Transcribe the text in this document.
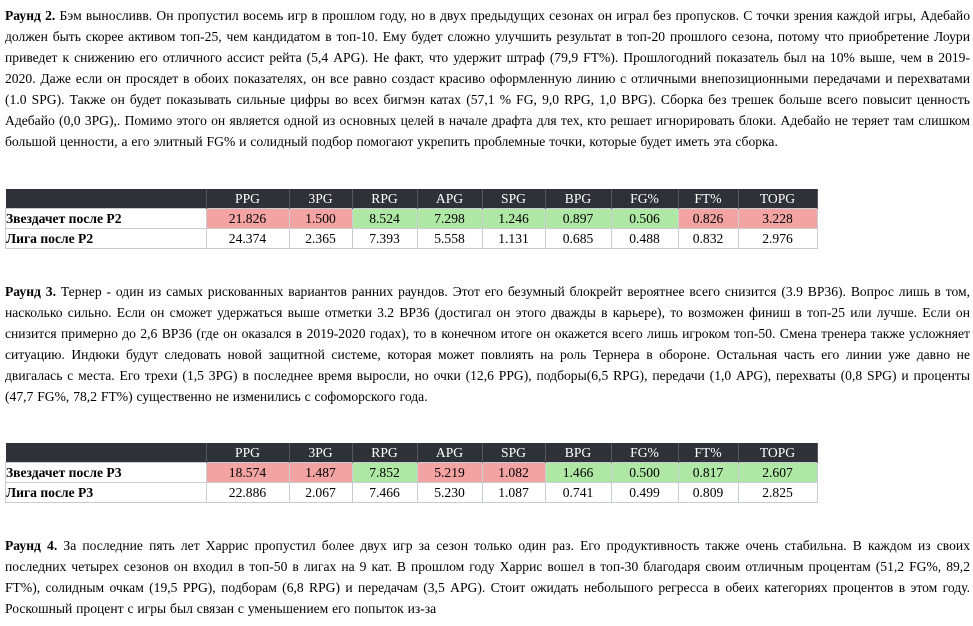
Раунд 2. Бэм выносливв. Он пропустил восемь игр в прошлом году, но в двух предыдущих сезонах он играл без пропусков. С точки зрения каждой игры, Адебайо должен быть скорее активом топ-25, чем кандидатом в топ-10. Ему будет сложно улучшить результат в топ-20 прошлого сезона, потому что приобретение Лоури приведет к снижению его отличного ассист рейта (5,4 APG). Не факт, что удержит штраф (79,9 FT%). Прошлогодний показатель был на 10% выше, чем в 2019-2020. Даже если он просядет в обоих показателях, он все равно создаст красиво оформленную линию с отличными внепозиционными передачами и перехватами (1.0 SPG). Также он будет показывать сильные цифры во всех бигмэн катах (57,1 % FG, 9,0 RPG, 1,0 BPG). Сборка без трешек больше всего повысит ценность Адебайо (0,0 3PG),. Помимо этого он является одной из основных целей в начале драфта для тех, кто решает игнорировать блоки. Адебайо не теряет там слишком большой ценности, а его элитный FG% и солидный подбор помогают укрепить проблемные точки, которые будет иметь эта сборка.
	PPG	3PG	RPG	APG	SPG	BPG	FG%	FT%	TOPG
Звездачет после Р2	21.826	1.500	8.524	7.298	1.246	0.897	0.506	0.826	3.228
Лига после Р2	24.374	2.365	7.393	5.558	1.131	0.685	0.488	0.832	2.976
Раунд 3. Тернер - один из самых рискованных вариантов ранних раундов. Этот его безумный блокрейт вероятнее всего снизится (3.9 BP36). Вопрос лишь в том, насколько сильно. Если он сможет удержаться выше отметки 3.2 BP36 (достигал он этого дважды в карьере), то возможен финиш в топ-25 или лучше. Если он снизится примерно до 2,6 BP36 (где он оказался в 2019-2020 годах), то в конечном итоге он окажется всего лишь игроком топ-50. Смена тренера также усложняет ситуацию. Индюки будут следовать новой защитной системе, которая может повлиять на роль Тернера в обороне. Остальная часть его линии уже давно не двигалась с места. Его трехи (1,5 3PG) в последнее время выросли, но очки (12,6 PPG), подборы(6,5 RPG), передачи (1,0 APG), перехваты (0,8 SPG) и проценты (47,7 FG%, 78,2 FT%) существенно не изменились с софоморского года.
	PPG	3PG	RPG	APG	SPG	BPG	FG%	FT%	TOPG
Звездачет после Р3	18.574	1.487	7.852	5.219	1.082	1.466	0.500	0.817	2.607
Лига после Р3	22.886	2.067	7.466	5.230	1.087	0.741	0.499	0.809	2.825
Раунд 4. За последние пять лет Харрис пропустил более двух игр за сезон только один раз. Его продуктивность также очень стабильна. В каждом из своих последних четырех сезонов он входил в топ-50 в лигах на 9 кат. В прошлом году Харрис вошел в топ-30 благодаря своим отличным процентам (51,2 FG%, 89,2 FT%), солидным очкам (19,5 PPG), подборам (6,8 RPG) и передачам (3,5 APG). Стоит ожидать небольшого регресса в обеих категориях процентов в этом году. Роскошный процент с игры был связан с уменьшением его попыток из-за
